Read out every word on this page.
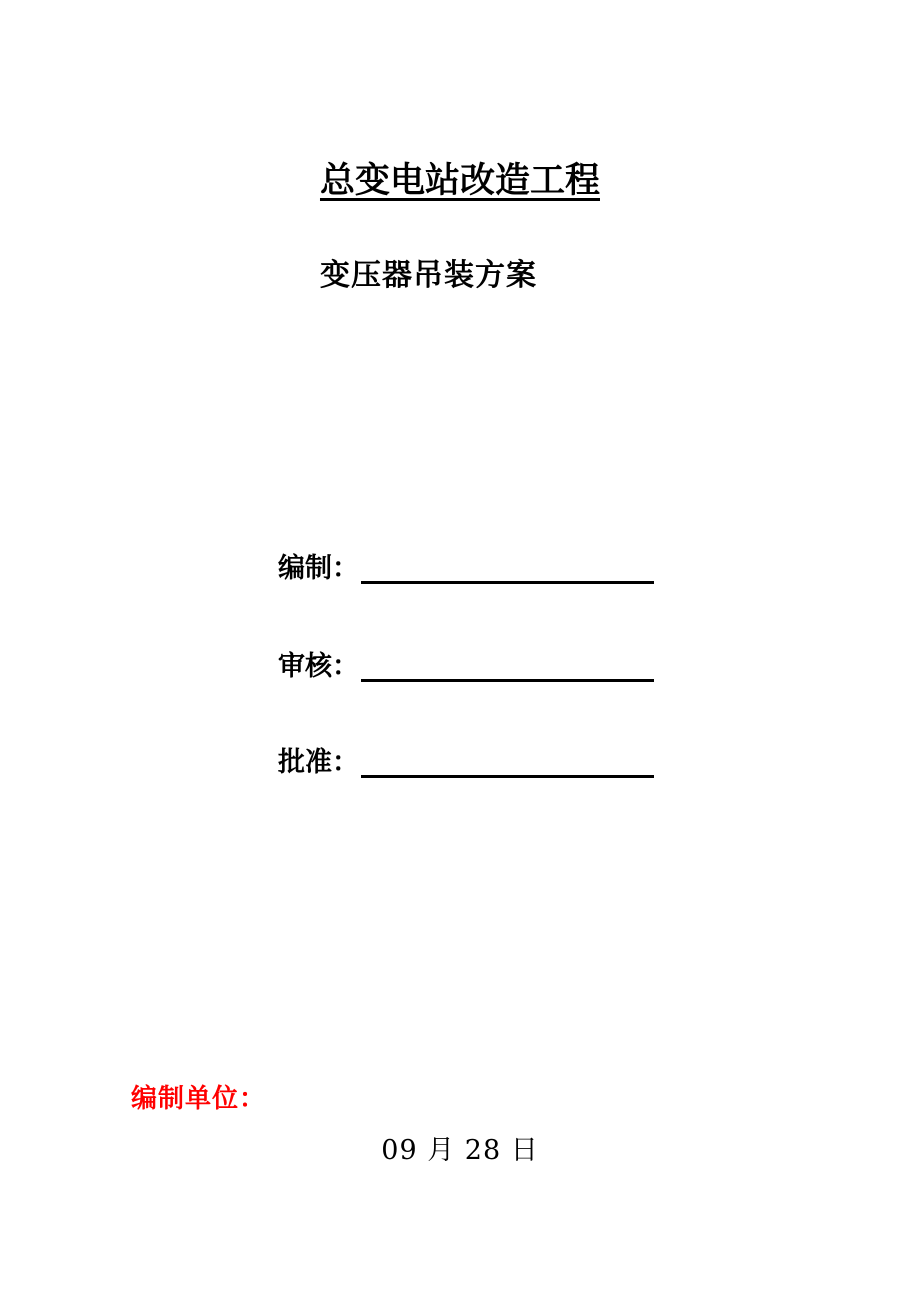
总变电站改造工程
变压器吊装方案
编制：
审核：
批准：
编制单位：
09 月 28 日
